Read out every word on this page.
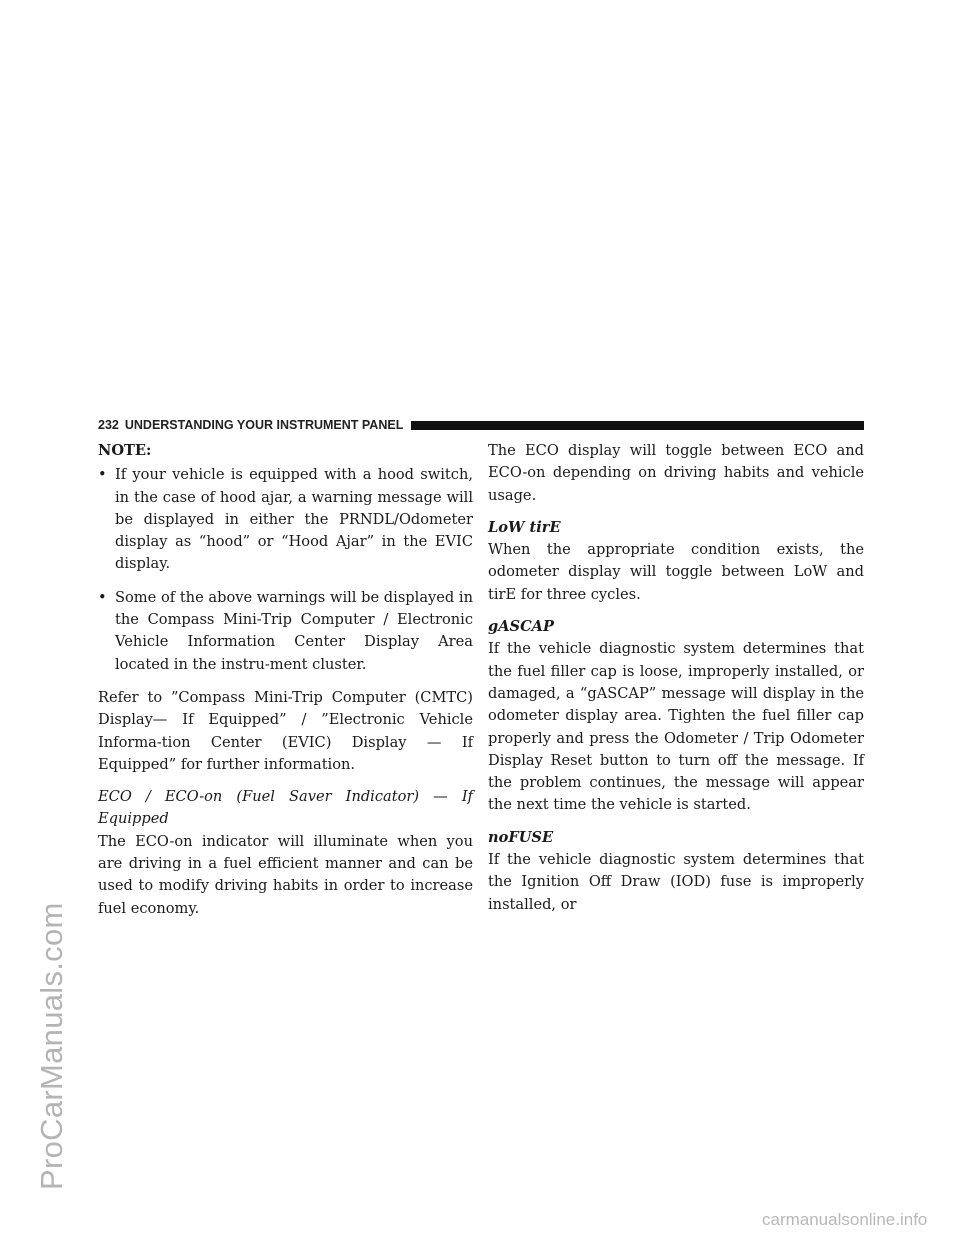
ProCarManuals.com
232 UNDERSTANDING YOUR INSTRUMENT PANEL

NOTE:

• If your vehicle is equipped with a hood switch, in the case of hood ajar, a warning message will be displayed in either the PRNDL/Odometer display as “hood” or “Hood Ajar” in the EVIC display.
• Some of the above warnings will be displayed in the Compass Mini-Trip Computer / Electronic Vehicle Information Center Display Area located in the instru-ment cluster.

Refer to ”Compass Mini-Trip Computer (CMTC) Display— If Equipped” / ”Electronic Vehicle Informa-tion Center (EVIC) Display — If Equipped” for further information.

ECO / ECO-on (Fuel Saver Indicator) — If Equipped

The ECO-on indicator will illuminate when you are driving in a fuel efficient manner and can be used to modify driving habits in order to increase fuel economy.

The ECO display will toggle between ECO and ECO-on depending on driving habits and vehicle usage.

LoW tirE

When the appropriate condition exists, the odometer display will toggle between LoW and tirE for three cycles.

gASCAP

If the vehicle diagnostic system determines that the fuel filler cap is loose, improperly installed, or damaged, a “gASCAP” message will display in the odometer display area. Tighten the fuel filler cap properly and press the Odometer / Trip Odometer Display Reset button to turn off the message. If the problem continues, the message will appear the next time the vehicle is started.

noFUSE

If the vehicle diagnostic system determines that the Ignition Off Draw (IOD) fuse is improperly installed, or

carmanualsonline.info
